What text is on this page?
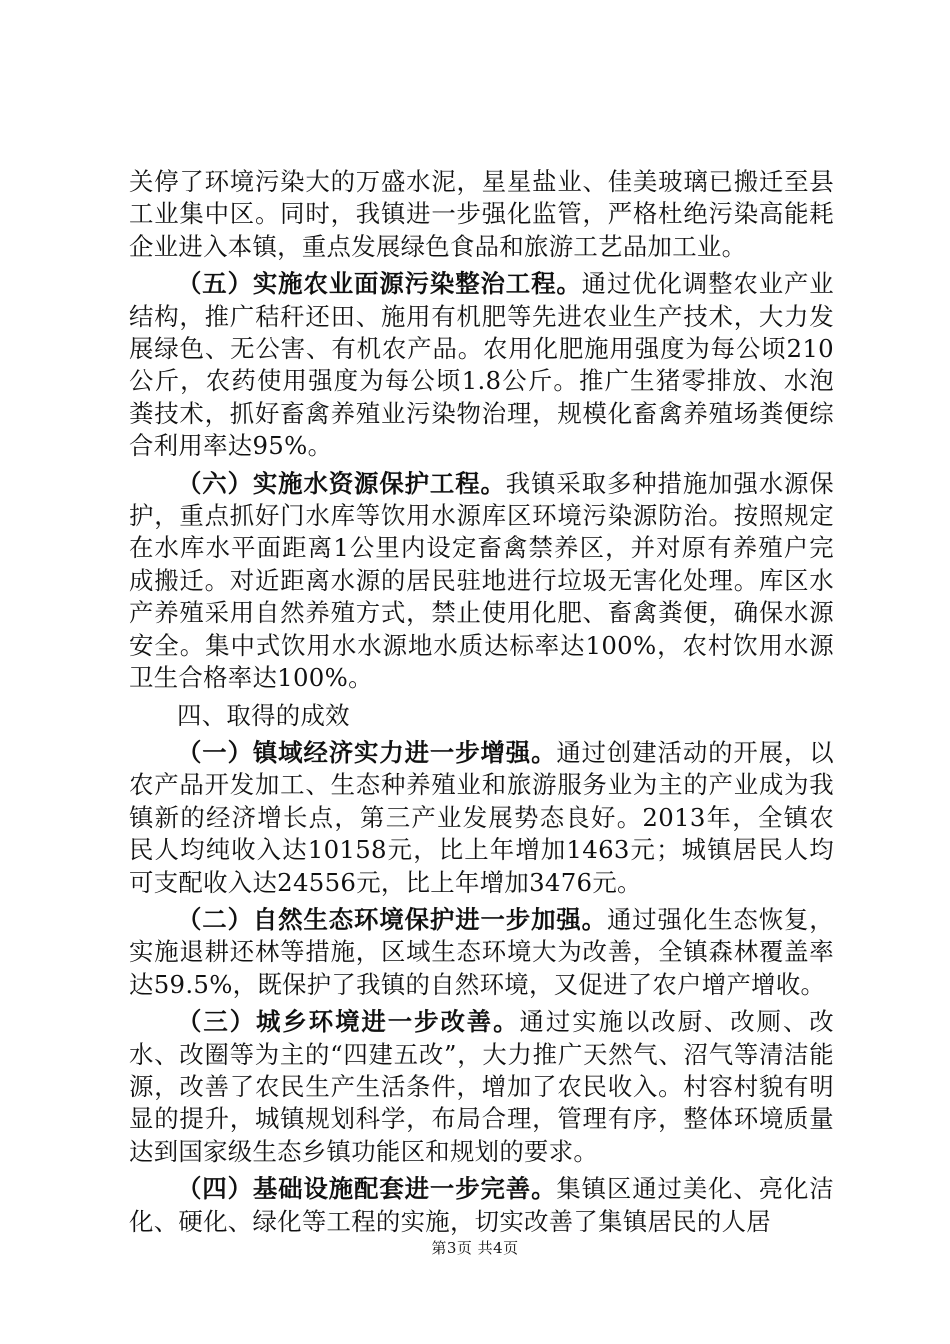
关停了环境污染大的万盛水泥，星星盐业、佳美玻璃已搬迁至县工业集中区。同时，我镇进一步强化监管，严格杜绝污染高能耗企业进入本镇，重点发展绿色食品和旅游工艺品加工业。

（五）实施农业面源污染整治工程。通过优化调整农业产业结构，推广秸秆还田、施用有机肥等先进农业生产技术，大力发展绿色、无公害、有机农产品。农用化肥施用强度为每公顷210公斤，农药使用强度为每公顷1.8公斤。推广生猪零排放、水泡粪技术，抓好畜禽养殖业污染物治理，规模化畜禽养殖场粪便综合利用率达95%。

（六）实施水资源保护工程。我镇采取多种措施加强水源保护，重点抓好门水库等饮用水源库区环境污染源防治。按照规定在水库水平面距离1公里内设定畜禽禁养区，并对原有养殖户完成搬迁。对近距离水源的居民驻地进行垃圾无害化处理。库区水产养殖采用自然养殖方式，禁止使用化肥、畜禽粪便，确保水源安全。集中式饮用水水源地水质达标率达100%，农村饮用水源卫生合格率达100%。

四、取得的成效

（一）镇域经济实力进一步增强。通过创建活动的开展，以农产品开发加工、生态种养殖业和旅游服务业为主的产业成为我镇新的经济增长点，第三产业发展势态良好。2013年，全镇农民人均纯收入达10158元，比上年增加1463元；城镇居民人均可支配收入达24556元，比上年增加3476元。

（二）自然生态环境保护进一步加强。通过强化生态恢复，实施退耕还林等措施，区域生态环境大为改善，全镇森林覆盖率达59.5%，既保护了我镇的自然环境，又促进了农户增产增收。

（三）城乡环境进一步改善。通过实施以改厨、改厕、改水、改圈等为主的“四建五改”，大力推广天然气、沼气等清洁能源，改善了农民生产生活条件，增加了农民收入。村容村貌有明显的提升，城镇规划科学，布局合理，管理有序，整体环境质量达到国家级生态乡镇功能区和规划的要求。

（四）基础设施配套进一步完善。集镇区通过美化、亮化洁化、硬化、绿化等工程的实施，切实改善了集镇居民的人居

第3页 共4页
